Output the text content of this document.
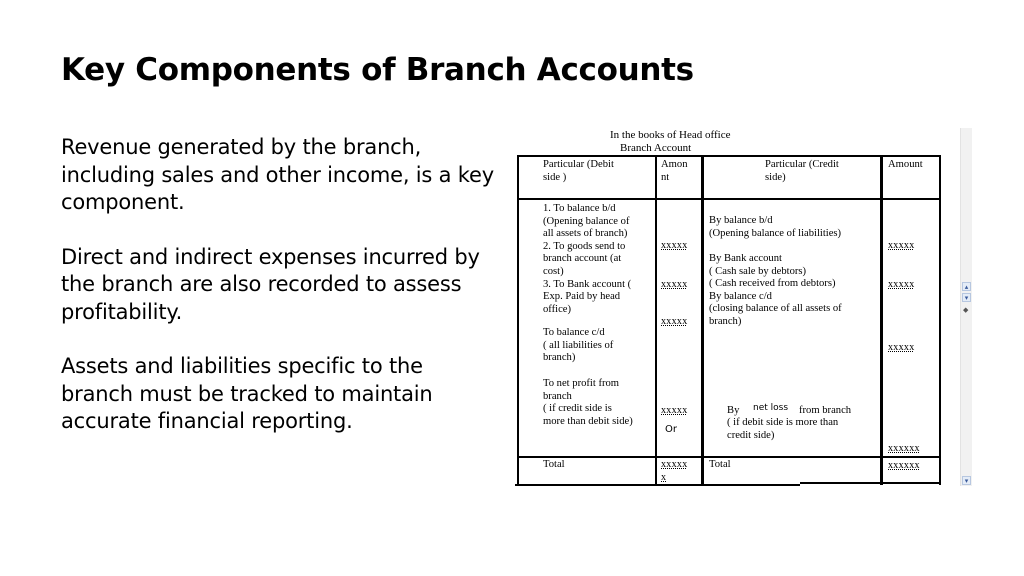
Key Components of Branch Accounts

Revenue generated by the branch, including sales and other income, is a key component.

Direct and indirect expenses incurred by the branch are also recorded to assess profitability.

Assets and liabilities specific to the branch must be tracked to maintain accurate financial reporting.

In the books of Head office
Branch Account
Particular (Debit
side )
Amon
nt
Particular (Credit
side)
Amount
1. To balance b/d
(Opening balance of
all assets of branch)
2. To goods send to
branch account (at
cost)
3. To Bank account (
Exp. Paid by head
office)
To balance c/d
( all liabilities of
branch)
To net profit from
branch
( if credit side is
more than debit side)
xxxxx
xxxxx
xxxxx
xxxxx
Or
By balance b/d
(Opening balance of liabilities)
By Bank account
( Cash sale by debtors)
( Cash received from debtors)
By balance c/d
(closing balance of all assets of
branch)
By net loss from branch
( if debit side is more than
credit side)
xxxxx
xxxxx
xxxxx
xxxxxx
Total	xxxxx
x
Total	xxxxxx
▴
▾
◆
▾
